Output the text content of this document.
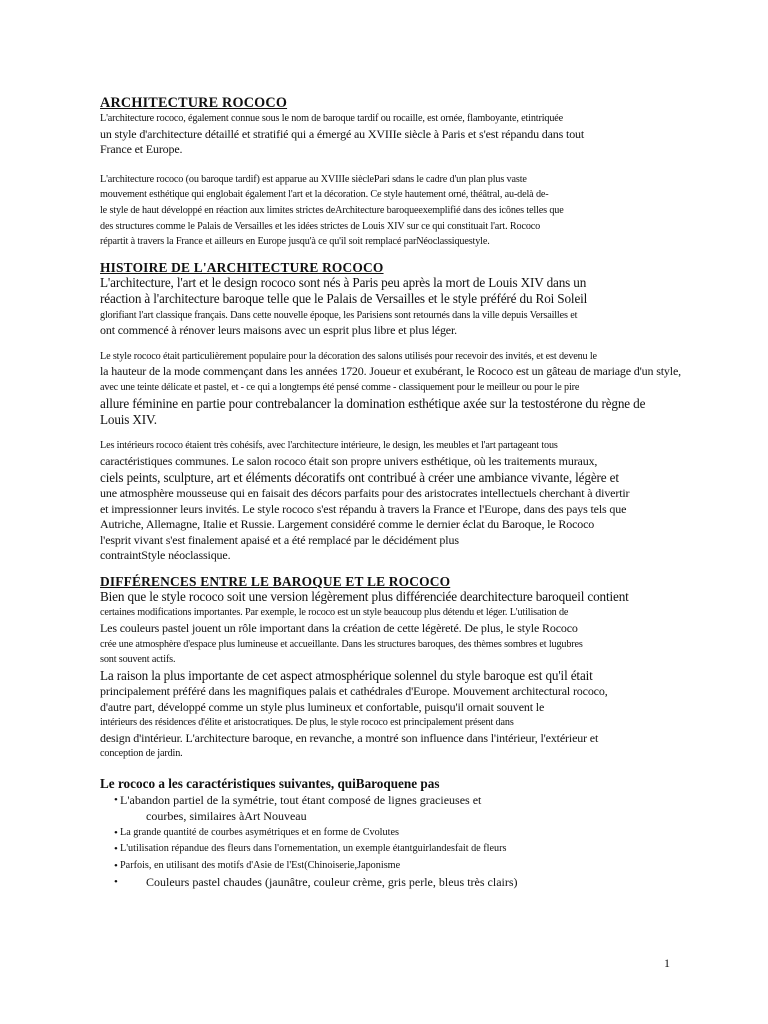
ARCHITECTURE ROCOCO

L'architecture rococo, également connue sous le nom de baroque tardif ou rocaille, est ornée, flamboyante, etintriquée

un style d'architecture détaillé et stratifié qui a émergé au XVIIIe siècle à Paris et s'est répandu dans tout

France et Europe.

L'architecture rococo (ou baroque tardif) est apparue au XVIIIe sièclePari sdans le cadre d'un plan plus vaste

mouvement esthétique qui englobait également l'art et la décoration. Ce style hautement orné, théâtral, au-delà de-

le style de haut développé en réaction aux limites strictes deArchitecture baroqueexemplifié dans des icônes telles que

des structures comme le Palais de Versailles et les idées strictes de Louis XIV sur ce qui constituait l'art. Rococo

répartit à travers la France et ailleurs en Europe jusqu'à ce qu'il soit remplacé parNéoclassiquestyle.

HISTOIRE DE L'ARCHITECTURE ROCOCO

L'architecture, l'art et le design rococo sont nés à Paris peu après la mort de Louis XIV dans un

réaction à l'architecture baroque telle que le Palais de Versailles et le style préféré du Roi Soleil

glorifiant l'art classique français. Dans cette nouvelle époque, les Parisiens sont retournés dans la ville depuis Versailles et

ont commencé à rénover leurs maisons avec un esprit plus libre et plus léger.

Le style rococo était particulièrement populaire pour la décoration des salons utilisés pour recevoir des invités, et est devenu le

la hauteur de la mode commençant dans les années 1720. Joueur et exubérant, le Rococo est un gâteau de mariage d'un style,

avec une teinte délicate et pastel, et - ce qui a longtemps été pensé comme - classiquement pour le meilleur ou pour le pire

allure féminine en partie pour contrebalancer la domination esthétique axée sur la testostérone du règne de

Louis XIV.

Les intérieurs rococo étaient très cohésifs, avec l'architecture intérieure, le design, les meubles et l'art partageant tous

caractéristiques communes. Le salon rococo était son propre univers esthétique, où les traitements muraux,

ciels peints, sculpture, art et éléments décoratifs ont contribué à créer une ambiance vivante, légère et

une atmosphère mousseuse qui en faisait des décors parfaits pour des aristocrates intellectuels cherchant à divertir

et impressionner leurs invités. Le style rococo s'est répandu à travers la France et l'Europe, dans des pays tels que

Autriche, Allemagne, Italie et Russie. Largement considéré comme le dernier éclat du Baroque, le Rococo

l'esprit vivant s'est finalement apaisé et a été remplacé par le décidément plus

contraintStyle néoclassique.

DIFFÉRENCES ENTRE LE BAROQUE ET LE ROCOCO

Bien que le style rococo soit une version légèrement plus différenciée dearchitecture baroqueil contient

certaines modifications importantes. Par exemple, le rococo est un style beaucoup plus détendu et léger. L'utilisation de

Les couleurs pastel jouent un rôle important dans la création de cette légèreté. De plus, le style Rococo

crée une atmosphère d'espace plus lumineuse et accueillante. Dans les structures baroques, des thèmes sombres et lugubres

sont souvent actifs.

La raison la plus importante de cet aspect atmosphérique solennel du style baroque est qu'il était

principalement préféré dans les magnifiques palais et cathédrales d'Europe. Mouvement architectural rococo,

d'autre part, développé comme un style plus lumineux et confortable, puisqu'il ornait souvent le

intérieurs des résidences d'élite et aristocratiques. De plus, le style rococo est principalement présent dans

design d'intérieur. L'architecture baroque, en revanche, a montré son influence dans l'intérieur, l'extérieur et

conception de jardin.

Le rococo a les caractéristiques suivantes, quiBaroquene pas
• L'abandon partiel de la symétrie, tout étant composé de lignes gracieuses et
courbes, similaires àArt Nouveau
• La grande quantité de courbes asymétriques et en forme de Cvolutes
• L'utilisation répandue des fleurs dans l'ornementation, un exemple étantguirlandesfait de fleurs
• Parfois, en utilisant des motifs d'Asie de l'Est(Chinoiserie,Japonisme
• Couleurs pastel chaudes (jaunâtre, couleur crème, gris perle, bleus très clairs)
1
